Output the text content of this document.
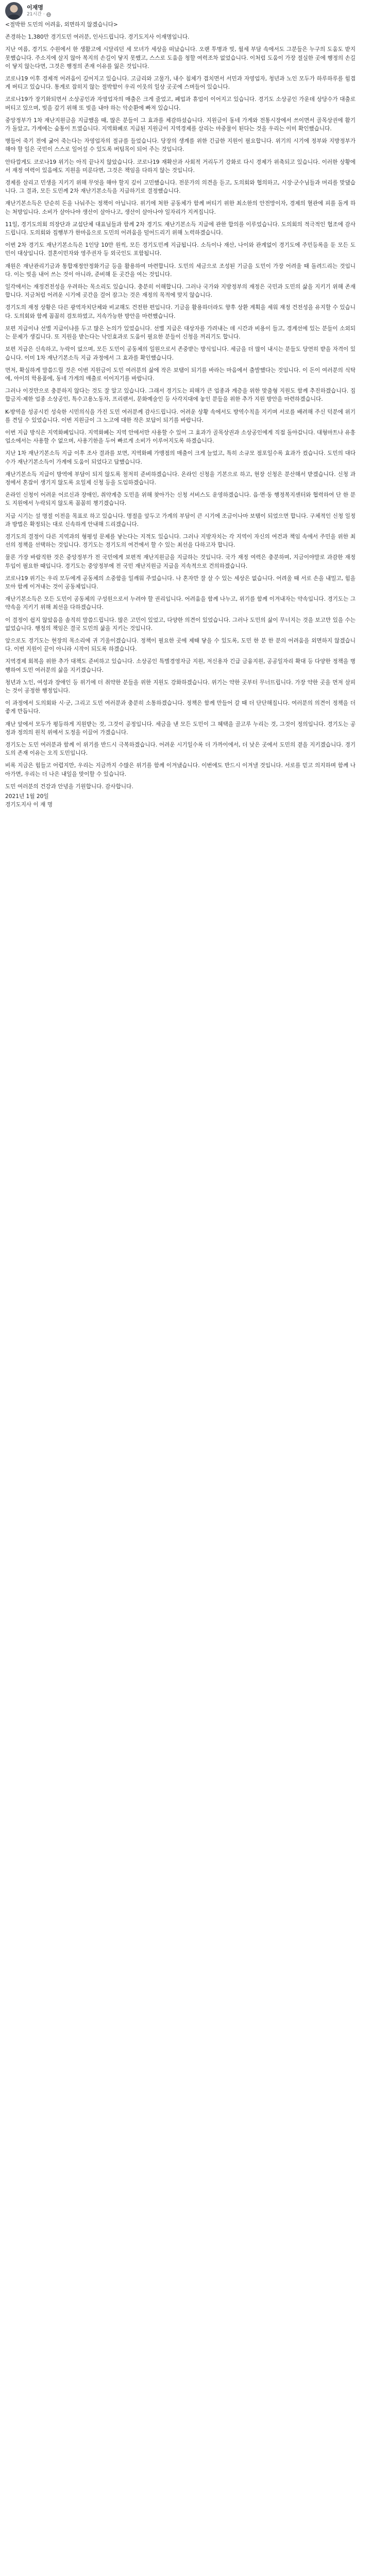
이재명
21시간 ·

<절박한 도민의 어려움, 외면하지 않겠습니다>

존경하는 1,380만 경기도민 여러분, 인사드립니다. 경기도지사 이재명입니다.

지난 여름, 경기도 수원에서 한 생활고에 시달리던 세 모녀가 세상을 떠났습니다. 오랜 투병과 빚, 월세 부담 속에서도 그분들은 누구의 도움도 받지 못했습니다. 주소지에 살지 않아 복지의 손길이 닿지 못했고, 스스로 도움을 청할 여력조차 없었습니다. 이처럼 도움이 가장 절실한 곳에 행정의 손길이 닿지 않는다면, 그것은 행정의 존재 이유를 잃은 것입니다.

코로나19 이후 경제적 어려움이 깊어지고 있습니다. 고금리와 고물가, 내수 침체가 겹치면서 서민과 자영업자, 청년과 노인 모두가 하루하루를 힘겹게 버티고 있습니다. 통계로 잡히지 않는 절박함이 우리 이웃의 일상 곳곳에 스며들어 있습니다.

코로나19가 장기화되면서 소상공인과 자영업자의 매출은 크게 줄었고, 폐업과 휴업이 이어지고 있습니다. 경기도 소상공인 가운데 상당수가 대출로 버티고 있으며, 빚을 갚기 위해 또 빚을 내야 하는 악순환에 빠져 있습니다.

중앙정부가 1차 재난지원금을 지급했을 때, 많은 분들이 그 효과를 체감하셨습니다. 지원금이 동네 가게와 전통시장에서 쓰이면서 골목상권에 활기가 돌았고, 가계에는 숨통이 트였습니다. 지역화폐로 지급된 지원금이 지역경제를 살리는 마중물이 된다는 것을 우리는 이미 확인했습니다.

병들어 죽기 전에 굶어 죽는다는 자영업자의 절규를 들었습니다. 당장의 생계를 위한 긴급한 지원이 필요합니다. 위기의 시기에 정부와 지방정부가 해야 할 일은 국민이 스스로 일어설 수 있도록 버팀목이 되어 주는 것입니다.

안타깝게도 코로나19 위기는 아직 끝나지 않았습니다. 코로나19 재확산과 사회적 거리두기 강화로 다시 경제가 위축되고 있습니다. 이러한 상황에서 재정 여력이 있음에도 지원을 미룬다면, 그것은 책임을 다하지 않는 것입니다.

경제를 살리고 민생을 지키기 위해 무엇을 해야 할지 깊이 고민했습니다. 전문가의 의견을 듣고, 도의회와 협의하고, 시장·군수님들과 머리를 맞댔습니다. 그 결과, 모든 도민께 2차 재난기본소득을 지급하기로 결정했습니다.

재난기본소득은 단순히 돈을 나눠주는 정책이 아닙니다. 위기에 처한 공동체가 함께 버티기 위한 최소한의 안전망이자, 경제의 혈관에 피를 돌게 하는 처방입니다. 소비가 살아나야 생산이 살아나고, 생산이 살아나야 일자리가 지켜집니다.

11일, 경기도의회 의장단과 교섭단체 대표님들과 함께 2차 경기도 재난기본소득 지급에 관한 합의를 이루었습니다. 도의회의 적극적인 협조에 감사드립니다. 도의회와 집행부가 한마음으로 도민의 어려움을 덜어드리기 위해 노력하겠습니다.

이번 2차 경기도 재난기본소득은 1인당 10만 원씩, 모든 경기도민께 지급됩니다. 소득이나 재산, 나이와 관계없이 경기도에 주민등록을 둔 모든 도민이 대상입니다. 결혼이민자와 영주권자 등 외국인도 포함됩니다.

재원은 재난관리기금과 통합재정안정화기금 등을 활용하여 마련합니다. 도민의 세금으로 조성된 기금을 도민이 가장 어려울 때 돌려드리는 것입니다. 이는 빚을 내어 쓰는 것이 아니라, 준비해 둔 곳간을 여는 것입니다.

일각에서는 재정건전성을 우려하는 목소리도 있습니다. 충분히 이해합니다. 그러나 국가와 지방정부의 재정은 국민과 도민의 삶을 지키기 위해 존재합니다. 지금처럼 어려운 시기에 곳간을 걸어 잠그는 것은 재정의 목적에 맞지 않습니다.

경기도의 재정 상황은 다른 광역자치단체와 비교해도 건전한 편입니다. 기금을 활용하더라도 향후 상환 계획을 세워 재정 건전성을 유지할 수 있습니다. 도의회와 함께 꼼꼼히 검토하였고, 지속가능한 방안을 마련했습니다.

보편 지급이냐 선별 지급이냐를 두고 많은 논의가 있었습니다. 선별 지급은 대상자를 가려내는 데 시간과 비용이 들고, 경계선에 있는 분들이 소외되는 문제가 생깁니다. 또 지원을 받는다는 낙인효과로 도움이 필요한 분들이 신청을 꺼리기도 합니다.

보편 지급은 신속하고, 누락이 없으며, 모든 도민이 공동체의 일원으로서 존중받는 방식입니다. 세금을 더 많이 내시는 분들도 당연히 받을 자격이 있습니다. 이미 1차 재난기본소득 지급 과정에서 그 효과를 확인했습니다.

먼저, 확실하게 말씀드릴 것은 이번 지원금이 도민 여러분의 삶에 작은 보탬이 되기를 바라는 마음에서 출발했다는 것입니다. 이 돈이 여러분의 식탁에, 아이의 학용품에, 동네 가게의 매출로 이어지기를 바랍니다.

그러나 이것만으로 충분하지 않다는 것도 잘 알고 있습니다. 그래서 경기도는 피해가 큰 업종과 계층을 위한 맞춤형 지원도 함께 추진하겠습니다. 집합금지·제한 업종 소상공인, 특수고용노동자, 프리랜서, 문화예술인 등 사각지대에 놓인 분들을 위한 추가 지원 방안을 마련하겠습니다.

K-방역을 성공시킨 성숙한 시민의식을 가진 도민 여러분께 감사드립니다. 어려운 상황 속에서도 방역수칙을 지키며 서로를 배려해 주신 덕분에 위기를 견딜 수 있었습니다. 이번 지원금이 그 노고에 대한 작은 보답이 되기를 바랍니다.

이번 지급 방식은 지역화폐입니다. 지역화폐는 지역 안에서만 사용할 수 있어 그 효과가 골목상권과 소상공인에게 직접 돌아갑니다. 대형마트나 유흥업소에서는 사용할 수 없으며, 사용기한을 두어 빠르게 소비가 이루어지도록 하겠습니다.

지난 1차 재난기본소득 지급 이후 조사 결과를 보면, 지역화폐 가맹점의 매출이 크게 늘었고, 특히 소규모 점포일수록 효과가 컸습니다. 도민의 대다수가 재난기본소득이 가계에 도움이 되었다고 답했습니다.

재난기본소득 지급이 방역에 부담이 되지 않도록 철저히 준비하겠습니다. 온라인 신청을 기본으로 하고, 현장 신청은 분산해서 받겠습니다. 신청 과정에서 혼잡이 생기지 않도록 요일제 신청 등을 도입하겠습니다.

온라인 신청이 어려운 어르신과 장애인, 취약계층 도민을 위해 찾아가는 신청 서비스도 운영하겠습니다. 읍·면·동 행정복지센터와 협력하여 단 한 분도 지원에서 누락되지 않도록 꼼꼼히 챙기겠습니다.

지급 시기는 설 명절 이전을 목표로 하고 있습니다. 명절을 앞두고 가계의 부담이 큰 시기에 조금이나마 보탬이 되었으면 합니다. 구체적인 신청 일정과 방법은 확정되는 대로 신속하게 안내해 드리겠습니다.

경기도의 결정이 다른 지역과의 형평성 문제를 낳는다는 지적도 있습니다. 그러나 지방자치는 각 지역이 자신의 여건과 책임 속에서 주민을 위한 최선의 정책을 선택하는 것입니다. 경기도는 경기도의 여건에서 할 수 있는 최선을 다하고자 합니다.

물론 가장 바람직한 것은 중앙정부가 전 국민에게 보편적 재난지원금을 지급하는 것입니다. 국가 재정 여력은 충분하며, 지금이야말로 과감한 재정 투입이 필요한 때입니다. 경기도는 중앙정부에 전 국민 재난지원금 지급을 지속적으로 건의하겠습니다.

코로나19 위기는 우리 모두에게 공동체의 소중함을 일깨워 주었습니다. 나 혼자만 잘 살 수 있는 세상은 없습니다. 어려울 때 서로 손을 내밀고, 힘을 모아 함께 이겨내는 것이 공동체입니다.

재난기본소득은 모든 도민이 공동체의 구성원으로서 누려야 할 권리입니다. 어려움을 함께 나누고, 위기를 함께 이겨내자는 약속입니다. 경기도는 그 약속을 지키기 위해 최선을 다하겠습니다.

이 결정이 쉽지 않았음을 솔직히 말씀드립니다. 많은 고민이 있었고, 다양한 의견이 있었습니다. 그러나 도민의 삶이 무너지는 것을 보고만 있을 수는 없었습니다. 행정의 책임은 결국 도민의 삶을 지키는 것입니다.

앞으로도 경기도는 현장의 목소리에 귀 기울이겠습니다. 정책이 필요한 곳에 제때 닿을 수 있도록, 도민 한 분 한 분의 어려움을 외면하지 않겠습니다. 이번 지원이 끝이 아니라 시작이 되도록 하겠습니다.

지역경제 회복을 위한 추가 대책도 준비하고 있습니다. 소상공인 특별경영자금 지원, 저신용자 긴급 금융지원, 공공일자리 확대 등 다양한 정책을 병행하여 도민 여러분의 삶을 지키겠습니다.

청년과 노인, 여성과 장애인 등 위기에 더 취약한 분들을 위한 지원도 강화하겠습니다. 위기는 약한 곳부터 무너뜨립니다. 가장 약한 곳을 먼저 살피는 것이 공정한 행정입니다.

이 과정에서 도의회와 시·군, 그리고 도민 여러분과 충분히 소통하겠습니다. 정책은 함께 만들어 갈 때 더 단단해집니다. 여러분의 의견이 정책을 더 좋게 만듭니다.

재난 앞에서 모두가 평등하게 지원받는 것, 그것이 공정입니다. 세금을 낸 모든 도민이 그 혜택을 골고루 누리는 것, 그것이 정의입니다. 경기도는 공정과 정의의 원칙 위에서 도정을 이끌어 가겠습니다.

경기도는 도민 여러분과 함께 이 위기를 반드시 극복하겠습니다. 어려운 시기일수록 더 가까이에서, 더 낮은 곳에서 도민의 곁을 지키겠습니다. 경기도의 존재 이유는 오직 도민입니다.

비록 지금은 힘들고 어렵지만, 우리는 지금까지 수많은 위기를 함께 이겨냈습니다. 이번에도 반드시 이겨낼 것입니다. 서로를 믿고 의지하며 함께 나아가면, 우리는 더 나은 내일을 맞이할 수 있습니다.

도민 여러분의 건강과 안녕을 기원합니다. 감사합니다.

2021년 1월 20일

경기도지사 이 재 명
